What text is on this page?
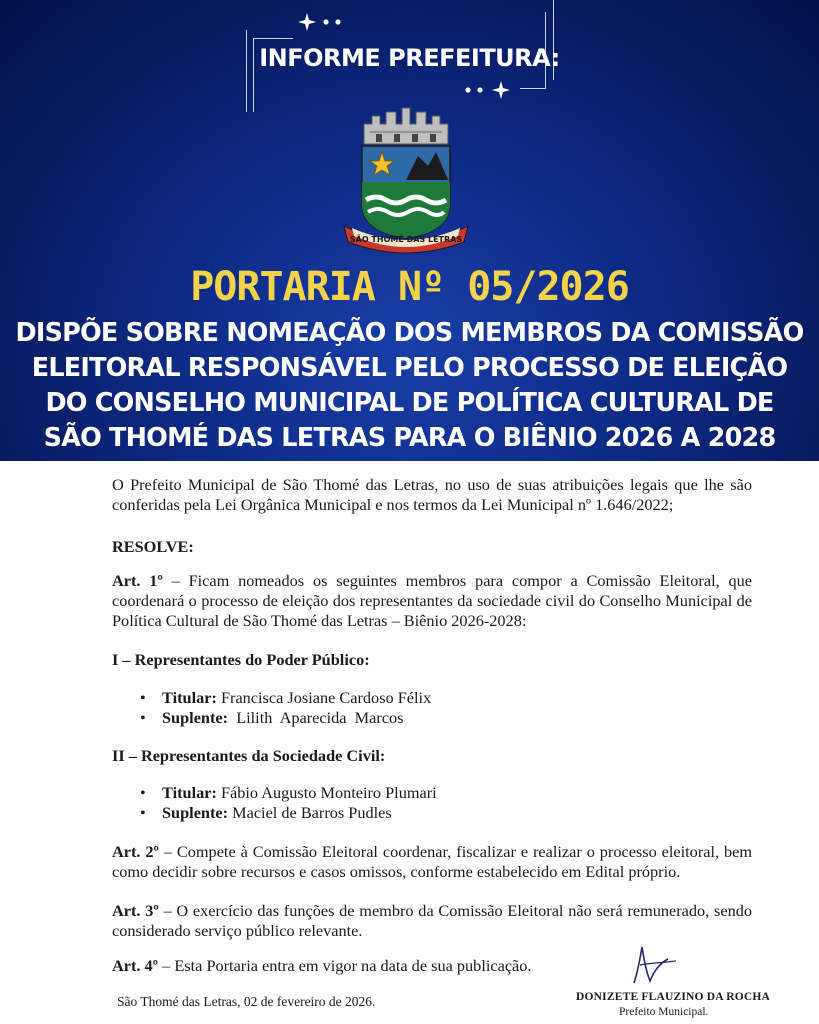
INFORME PREFEITURA:
SÃO THOMÉ DAS LETRAS
PORTARIA Nº 05/2026
DISPÕE SOBRE NOMEAÇÃO DOS MEMBROS DA COMISSÃO
ELEITORAL RESPONSÁVEL PELO PROCESSO DE ELEIÇÃO
DO CONSELHO MUNICIPAL DE POLÍTICA CULTURAL DE
SÃO THOMÉ DAS LETRAS PARA O BIÊNIO 2026 A 2028
O Prefeito Municipal de São Thomé das Letras, no uso de suas atribuições legais que lhe são conferidas pela Lei Orgânica Municipal e nos termos da Lei Municipal nº 1.646/2022;
RESOLVE:
Art. 1º – Ficam nomeados os seguintes membros para compor a Comissão Eleitoral, que coordenará o processo de eleição dos representantes da sociedade civil do Conselho Municipal de Política Cultural de São Thomé das Letras – Biênio 2026-2028:
I – Representantes do Poder Público:
• Titular: Francisca Josiane Cardoso Félix
• Suplente:  Lilith  Aparecida  Marcos
II – Representantes da Sociedade Civil:
• Titular: Fábio Augusto Monteiro Plumari
• Suplente: Maciel de Barros Pudles
Art. 2º – Compete à Comissão Eleitoral coordenar, fiscalizar e realizar o processo eleitoral, bem como decidir sobre recursos e casos omissos, conforme estabelecido em Edital próprio.
Art. 3º – O exercício das funções de membro da Comissão Eleitoral não será remunerado, sendo considerado serviço público relevante.
Art. 4º – Esta Portaria entra em vigor na data de sua publicação.
São Thomé das Letras, 02 de fevereiro de 2026.	DONIZETE FLAUZINO DA ROCHA
Prefeito Municipal.
